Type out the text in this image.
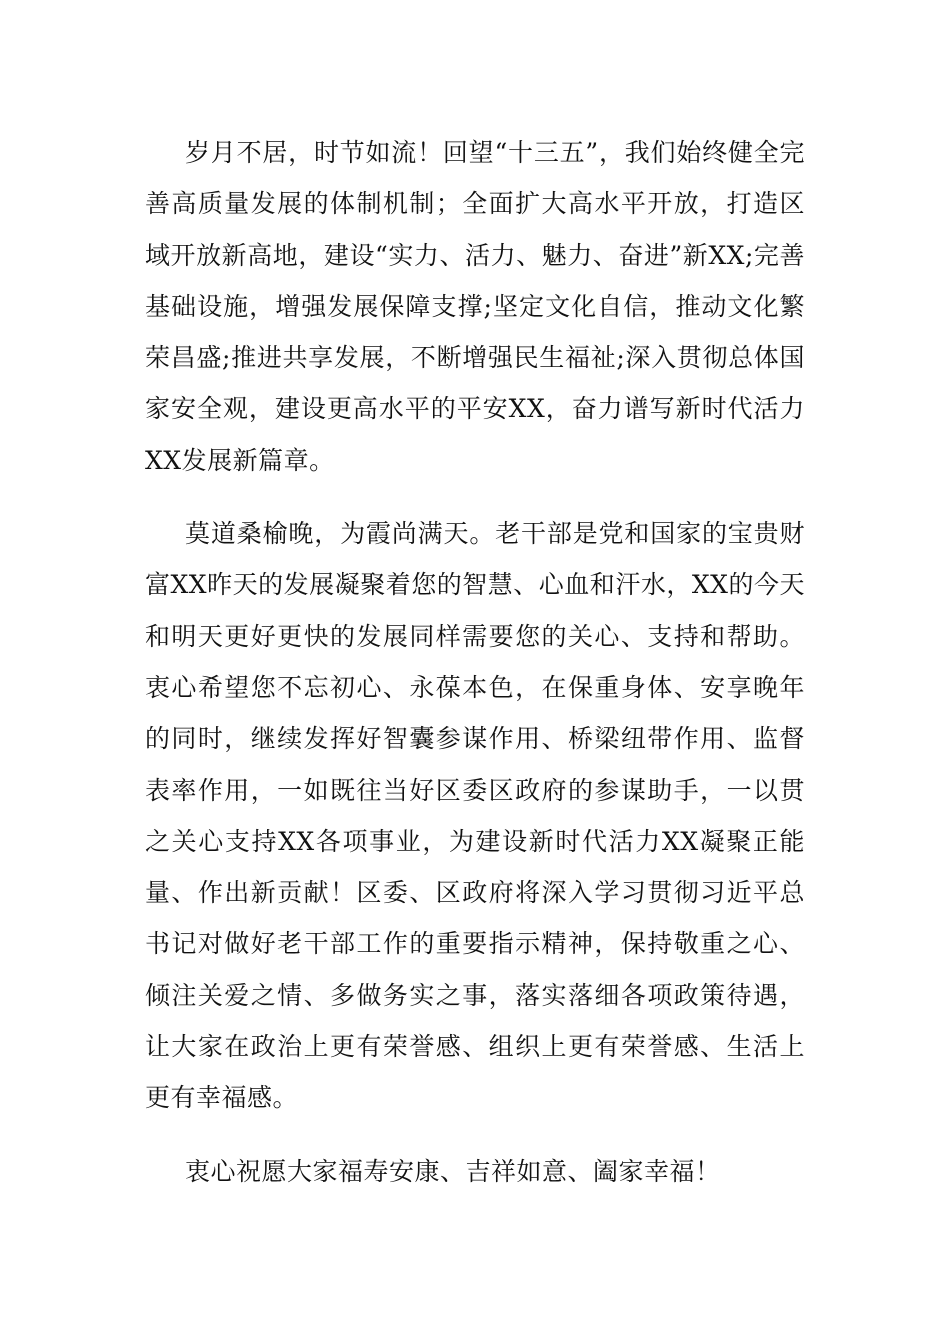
岁月不居，时节如流！回望“十三五”，我们始终健全完善高质量发展的体制机制；全面扩大高水平开放，打造区域开放新高地，建设“实力、活力、魅力、奋进”新XX;完善基础设施，增强发展保障支撑;坚定文化自信，推动文化繁荣昌盛;推进共享发展，不断增强民生福祉;深入贯彻总体国家安全观，建设更高水平的平安XX，奋力谱写新时代活力XX发展新篇章。

莫道桑榆晚，为霞尚满天。老干部是党和国家的宝贵财富XX昨天的发展凝聚着您的智慧、心血和汗水，XX的今天和明天更好更快的发展同样需要您的关心、支持和帮助。衷心希望您不忘初心、永葆本色，在保重身体、安享晚年的同时，继续发挥好智囊参谋作用、桥梁纽带作用、监督表率作用，一如既往当好区委区政府的参谋助手，一以贯之关心支持XX各项事业，为建设新时代活力XX凝聚正能量、作出新贡献！区委、区政府将深入学习贯彻习近平总书记对做好老干部工作的重要指示精神，保持敬重之心、倾注关爱之情、多做务实之事，落实落细各项政策待遇，让大家在政治上更有荣誉感、组织上更有荣誉感、生活上更有幸福感。

衷心祝愿大家福寿安康、吉祥如意、阖家幸福！
